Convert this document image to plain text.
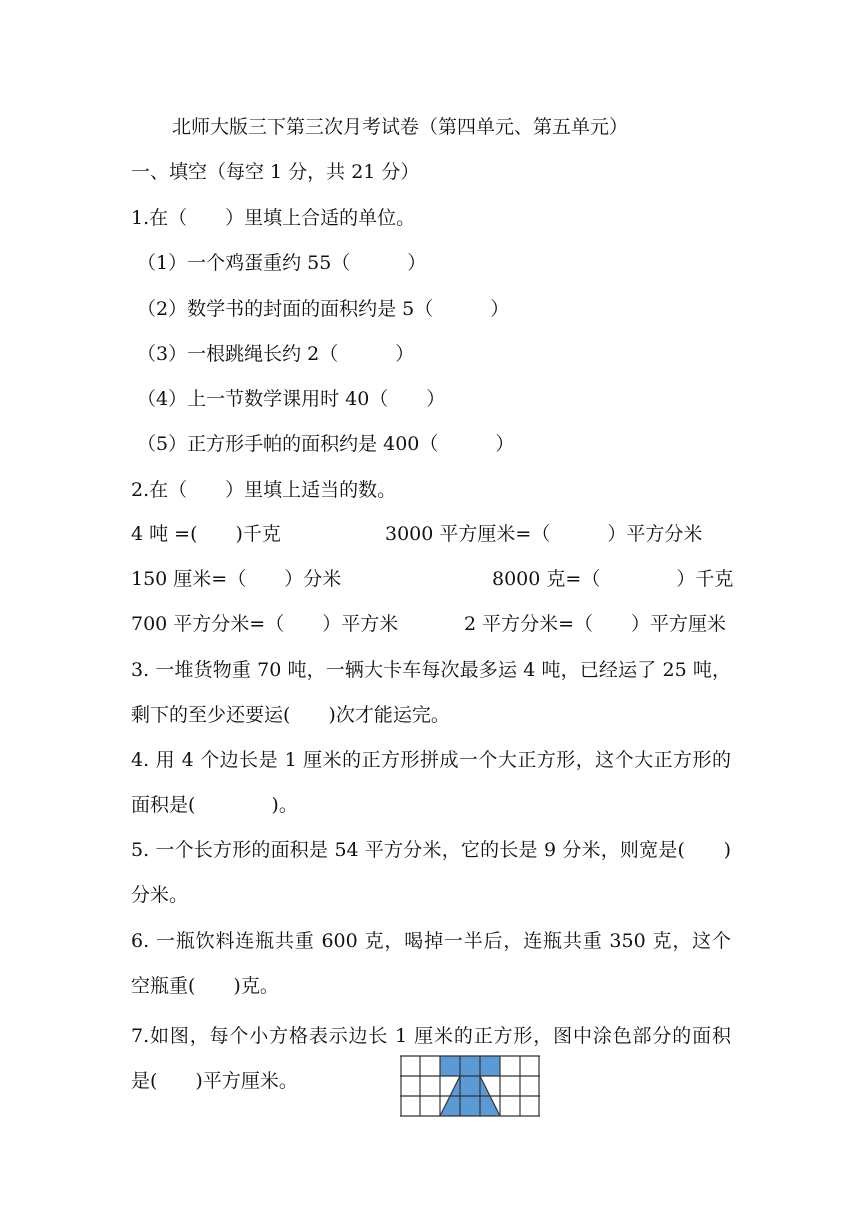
北师大版三下第三次月考试卷（第四单元、第五单元）
一、填空（每空 1 分，共 21 分）
1.在（　　）里填上合适的单位。
（1）一个鸡蛋重约 55（　　　）
（2）数学书的封面的面积约是 5（　　　）
（3）一根跳绳长约 2（　　　）
（4）上一节数学课用时 40（　　）
（5）正方形手帕的面积约是 400（　　　）
2.在（　　）里填上适当的数。
4 吨 =(　　)千克	3000 平方厘米=（　　　）平方分米
150 厘米=（　　）分米	8000 克=（　　　　）千克
700 平方分米=（　　）平方米	2 平方分米=（　　）平方厘米
3. 一堆货物重 70 吨，一辆大卡车每次最多运 4 吨，已经运了 25 吨，
剩下的至少还要运(　　)次才能运完。
4. 用 4 个边长是 1 厘米的正方形拼成一个大正方形，这个大正方形的
面积是(　　　　)。
5. 一个长方形的面积是 54 平方分米，它的长是 9 分米，则宽是(　　)
分米。
6. 一瓶饮料连瓶共重 600 克，喝掉一半后，连瓶共重 350 克，这个
空瓶重(　　)克。
7.如图，每个小方格表示边长 1 厘米的正方形，图中涂色部分的面积
是(　　)平方厘米。
